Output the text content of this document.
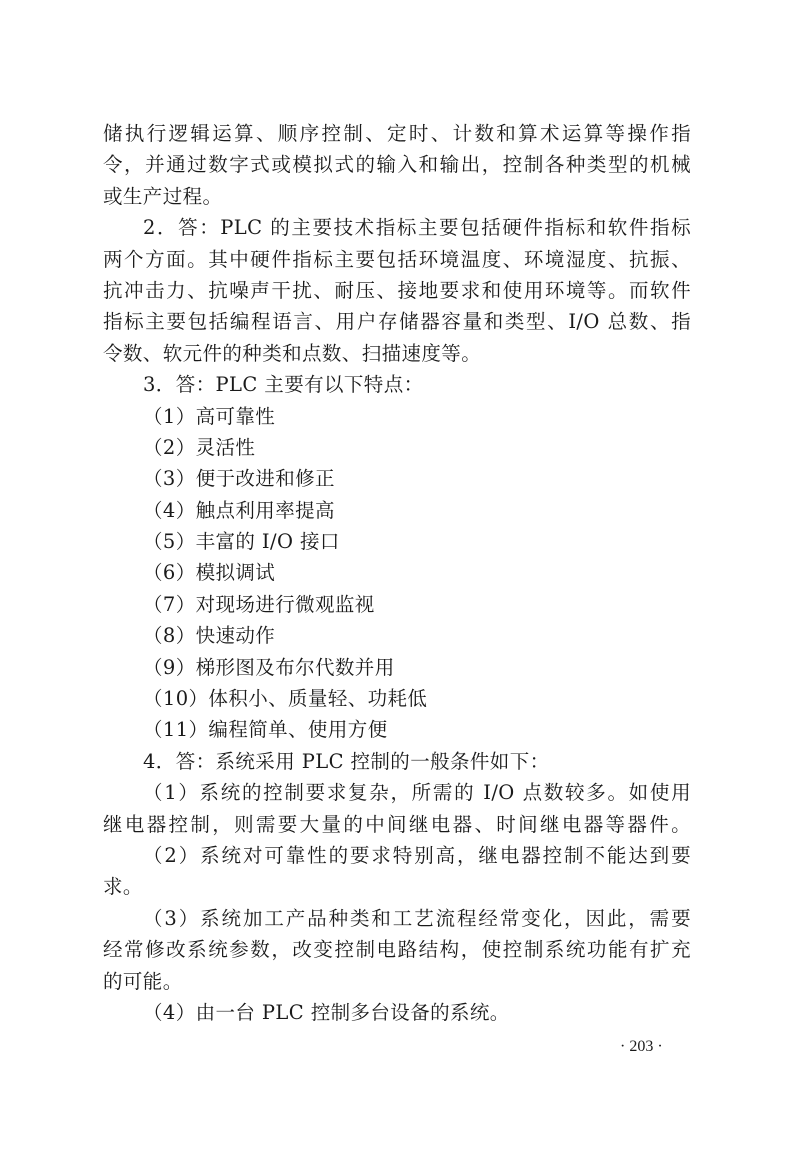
储执行逻辑运算、顺序控制、定时、计数和算术运算等操作指
令，并通过数字式或模拟式的输入和输出，控制各种类型的机械
或生产过程。
2．答：PLC 的主要技术指标主要包括硬件指标和软件指标
两个方面。其中硬件指标主要包括环境温度、环境湿度、抗振、
抗冲击力、抗噪声干扰、耐压、接地要求和使用环境等。而软件
指标主要包括编程语言、用户存储器容量和类型、I/O 总数、指
令数、软元件的种类和点数、扫描速度等。
3．答：PLC 主要有以下特点：
（1）高可靠性
（2）灵活性
（3）便于改进和修正
（4）触点利用率提高
（5）丰富的 I/O 接口
（6）模拟调试
（7）对现场进行微观监视
（8）快速动作
（9）梯形图及布尔代数并用
（10）体积小、质量轻、功耗低
（11）编程简单、使用方便
4．答：系统采用 PLC 控制的一般条件如下：
（1）系统的控制要求复杂，所需的 I/O 点数较多。如使用
继电器控制，则需要大量的中间继电器、时间继电器等器件。
（2）系统对可靠性的要求特别高，继电器控制不能达到要
求。
（3）系统加工产品种类和工艺流程经常变化，因此，需要
经常修改系统参数，改变控制电路结构，使控制系统功能有扩充
的可能。
（4）由一台 PLC 控制多台设备的系统。
· 203 ·
